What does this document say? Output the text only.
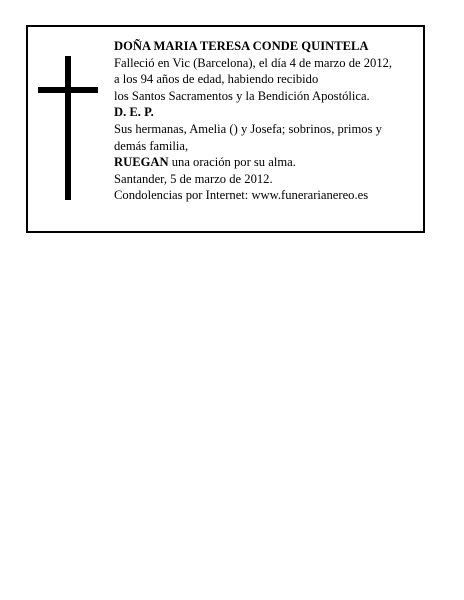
DOÑA MARIA TERESA CONDE QUINTELA
Falleció en Vic (Barcelona), el día 4 de marzo de 2012,
a los 94 años de edad, habiendo recibido
los Santos Sacramentos y la Bendición Apostólica.
D. E. P.
Sus hermanas, Amelia () y Josefa; sobrinos, primos y
demás familia,
RUEGAN una oración por su alma.
Santander, 5 de marzo de 2012.
Condolencias por Internet: www.funerarianereo.es
